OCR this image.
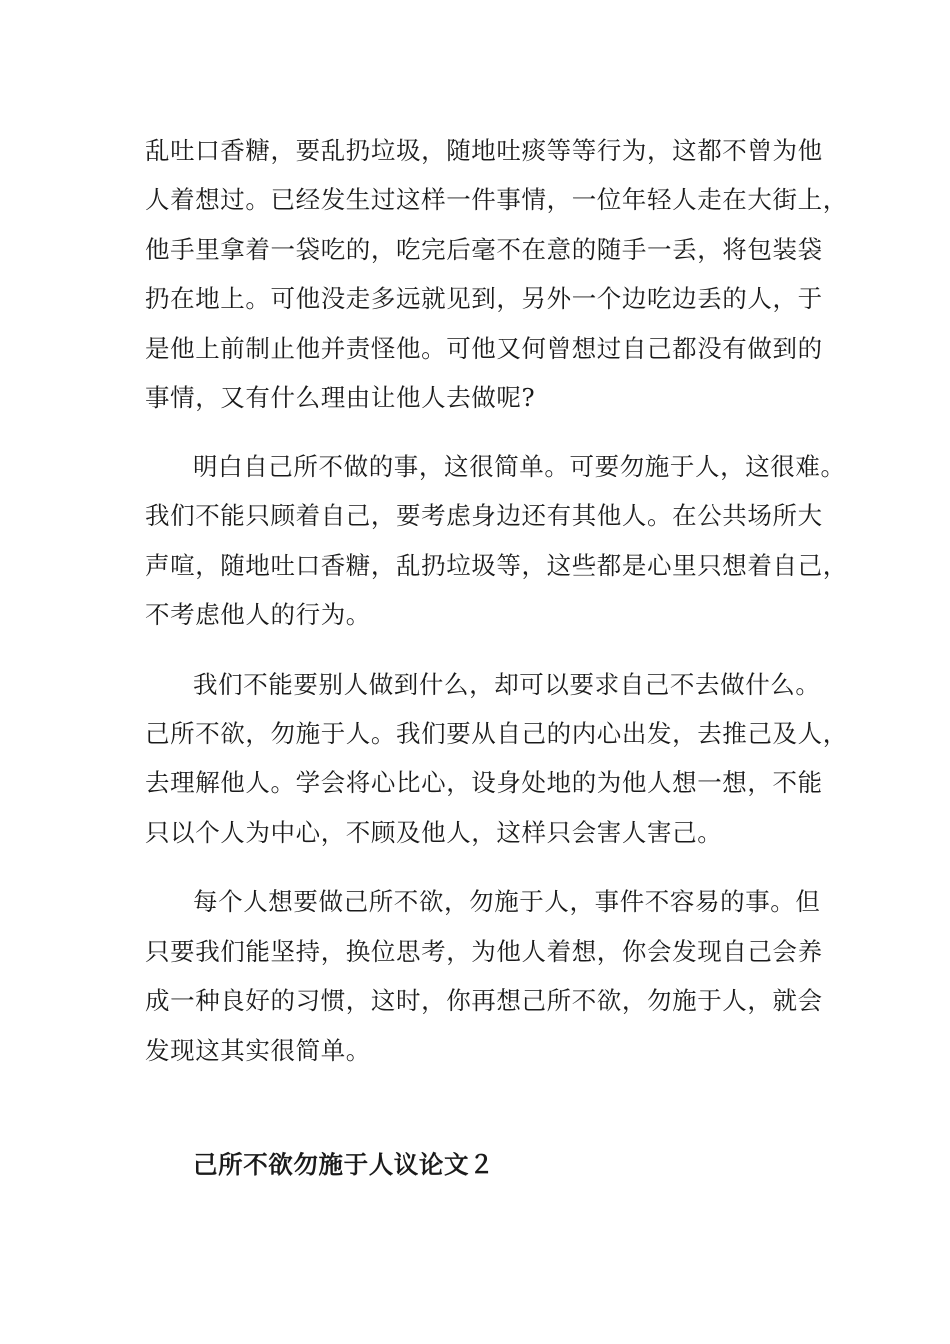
乱吐口香糖，要乱扔垃圾，随地吐痰等等行为，这都不曾为他
人着想过。已经发生过这样一件事情，一位年轻人走在大街上，
他手里拿着一袋吃的，吃完后毫不在意的随手一丢，将包装袋
扔在地上。可他没走多远就见到，另外一个边吃边丢的人，于
是他上前制止他并责怪他。可他又何曾想过自己都没有做到的
事情，又有什么理由让他人去做呢?
明白自己所不做的事，这很简单。可要勿施于人，这很难。
我们不能只顾着自己，要考虑身边还有其他人。在公共场所大
声喧，随地吐口香糖，乱扔垃圾等，这些都是心里只想着自己，
不考虑他人的行为。
我们不能要别人做到什么，却可以要求自己不去做什么。
己所不欲，勿施于人。我们要从自己的内心出发，去推己及人，
去理解他人。学会将心比心，设身处地的为他人想一想，不能
只以个人为中心，不顾及他人，这样只会害人害己。
每个人想要做己所不欲，勿施于人，事件不容易的事。但
只要我们能坚持，换位思考，为他人着想，你会发现自己会养
成一种良好的习惯，这时，你再想己所不欲，勿施于人，就会
发现这其实很简单。
己所不欲勿施于人议论文２
